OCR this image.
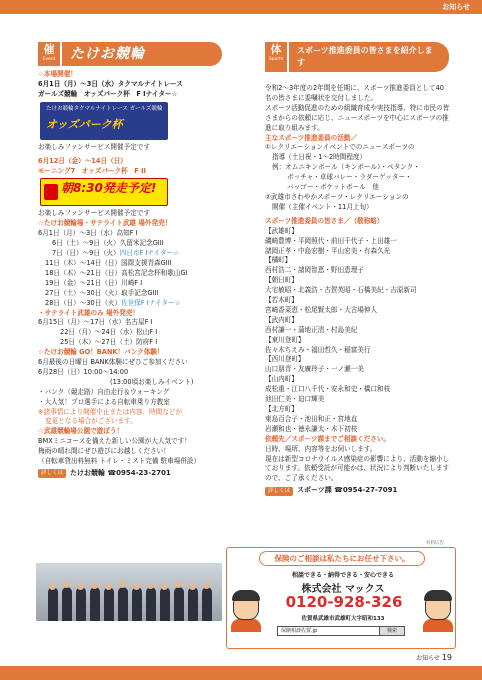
お知らせ
催
Event	たけお競輪	体
Sports
スポーツ推進委員の皆さまを紹介します
☆本場開催！
6月1日（月）～3日（水）タクマルナイトレース
ガールズ競輪　オッズパーク杯　F Iナイター☆
たけお競輪タクマルナイトレース ガールズ競輪
オッズパーク杯
お楽しみファンサービス開催予定です
6月12日（金）～14日（日）
モーニング7　オッズパーク杯　F II
朝8:30発走予定!
お楽しみファンサービス開催予定です
☆たけお競輪場・サテライト武雄 場外発売！
6月1日（月）～3日（水）高知F I
6日（土）～9日（火）久留米記念GIII
7日（日）～9日（火）四日市F Iナイター☆
11日（木）～14日（日）国際支援青森GIII
18日（木）～21日（日）高松宮記念杯和歌山GI
19日（金）～21日（日）川崎F I
27日（土）～30日（火）取手記念GIII
28日（日）～30日（火）佐世保F Iナイター☆
・サテライト武雄のみ 場外発売！
6月15日（月）～17日（水）名古屋F I
22日（月）～24日（水）松山F I
25日（木）～27日（土）防府F I
☆たけお競輪 GO！BANK！バンク体験！
6月最後の日曜日 BANK体験にぜひご参加ください
6月28日（日）10:00～14:00
(13:00頃お楽しみイベント)
・バンク（競走路）自由走行＆ウォーキング
・大人気！プロ選手による自転車乗り方教室
※諸事情により開催中止または内容、時間などが
変更となる場合がございます。
☆武雄競輪場公園で遊ぼう！
BMXミニコースを備えた新しい公園が大人気です！
梅雨の晴れ間にぜひ遊びにお越しください！
（自転車貸出料無料 トイレ・ミスト完備 駐車場併設）
詳しくは	たけお競輪 ☎0954-23-2701
令和2～3年度の2年間を任期に、スポーツ推進委員として40名の皆さまに委嘱状を交付しました。
スポーツ活動促進のための組織育成や実技指導、特に市民の皆さまからの依頼に応じ、ニュースポーツを中心にスポーツの推進に取り組みます。
主なスポーツ推進委員の活動／
①レクリエーションイベントでのニュースポーツの
指導（土日祝・1～2時間程度）
例：オムニキンボール（キンボール）・ペタンク・
ボッチャ・卓球バレー・ラダーゲッター・
バッゴー・ボケットボール　他
②武雄市さわやかスポーツ・レクリエーションの
開催（主催イベント・11月上旬）
スポーツ推進委員の皆さま／（敬称略）
【武雄町】
磯崎豊博・平岡照代・前田千代子・上田雄一
諸岡正孝・中島宏樹・平山宏美・有森久光
【橘町】
西村浩二・諸岡智恵・野田恵理子
【朝日町】
大宅敏昭・北義浩・古賀英昭・石橋美紀・吉原新司
【若木町】
宮崎香菜恵・松尾賢太郎・大古場伸人
【武内町】
西村謙一・蒲地正清・村島美紀
【東川登町】
佐々木ちえみ・福田哲久・稲富美行
【西川登町】
山口朋青・友廣玲子・一ノ瀬一美
【山内町】
成松重・江口八千代・安永和史・橋口和枝
池田仁美・迫口輝美
【北方町】
東島百合子・池田和正・宮地直
岩瀬和也・徳永謙太・木下初枝
依頼先／スポーツ課までご相談ください。
日時、場所、内容等をお伺いします。
現在は新型コロナウイルス感染症の影響により、活動を縮小しております。依頼受託が可能かは、状況により判断いたしますので、ご了承ください。
詳しくは	スポーツ課 ☎0954-27-7091
有料広告
保険のご相談は私たちにお任せ下さい。
相談できる・納得できる・安心できる
株式会社 マックス
0120-928-326
佐賀県武雄市武雄町大字昭和133
保険相談佐賀.jp	検索
お知らせ 19
